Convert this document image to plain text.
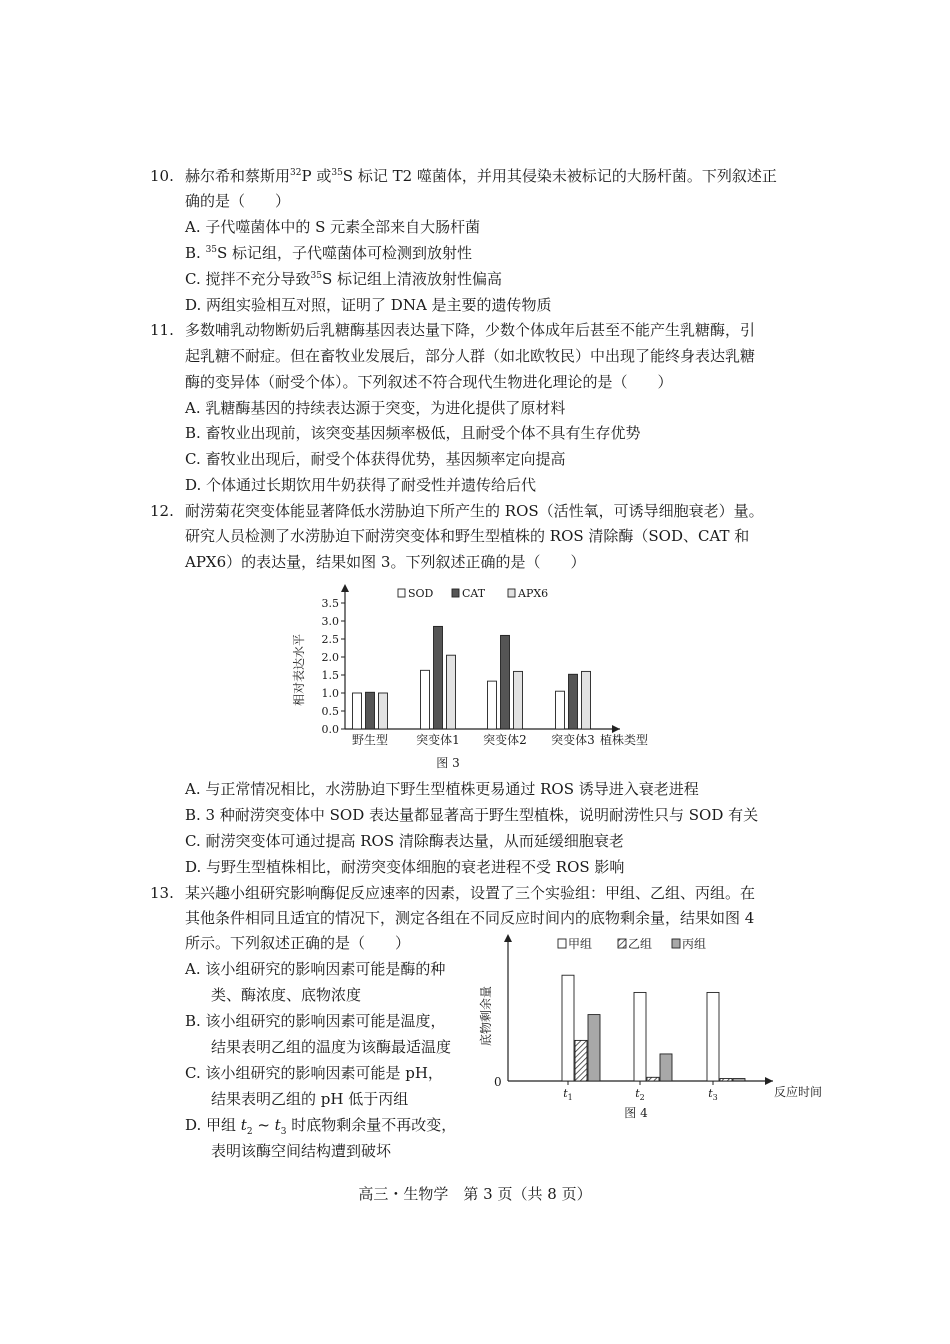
10. 赫尔希和蔡斯用$^{32}$P 或$^{35}$S 标记 T2 噬菌体，并用其侵染未被标记的大肠杆菌。下列叙述正
确的是（　　）
A. 子代噬菌体中的 S 元素全部来自大肠杆菌
B. $^{35}$S 标记组，子代噬菌体可检测到放射性
C. 搅拌不充分导致$^{35}$S 标记组上清液放射性偏高
D. 两组实验相互对照，证明了 DNA 是主要的遗传物质
11. 多数哺乳动物断奶后乳糖酶基因表达量下降，少数个体成年后甚至不能产生乳糖酶，引
起乳糖不耐症。但在畜牧业发展后，部分人群（如北欧牧民）中出现了能终身表达乳糖
酶的变异体（耐受个体）。下列叙述不符合现代生物进化理论的是（　　）
A. 乳糖酶基因的持续表达源于突变，为进化提供了原材料
B. 畜牧业出现前，该突变基因频率极低，且耐受个体不具有生存优势
C. 畜牧业出现后，耐受个体获得优势，基因频率定向提高
D. 个体通过长期饮用牛奶获得了耐受性并遗传给后代
12. 耐涝菊花突变体能显著降低水涝胁迫下所产生的 ROS（活性氧，可诱导细胞衰老）量。
研究人员检测了水涝胁迫下耐涝突变体和野生型植株的 ROS 清除酶（SOD、CAT 和
APX6）的表达量，结果如图 3。下列叙述正确的是（　　）
0.0
0.5
1.0
1.5
2.0
2.5
3.0
3.5
野生型 突变体1 突变体2 突变体3
SOD	CAT	APX6
相对表达水平
植株类型
图 3
A. 与正常情况相比，水涝胁迫下野生型植株更易通过 ROS 诱导进入衰老进程
B. 3 种耐涝突变体中 SOD 表达量都显著高于野生型植株，说明耐涝性只与 SOD 有关
C. 耐涝突变体可通过提高 ROS 清除酶表达量，从而延缓细胞衰老
D. 与野生型植株相比，耐涝突变体细胞的衰老进程不受 ROS 影响
13. 某兴趣小组研究影响酶促反应速率的因素，设置了三个实验组：甲组、乙组、丙组。在
其他条件相同且适宜的情况下，测定各组在不同反应时间内的底物剩余量，结果如图 4
所示。下列叙述正确的是（　　）
A. 该小组研究的影响因素可能是酶的种
类、酶浓度、底物浓度
B. 该小组研究的影响因素可能是温度，
结果表明乙组的温度为该酶最适温度
C. 该小组研究的影响因素可能是 pH，
结果表明乙组的 pH 低于丙组
D. 甲组 $t_2$ ~ $t_3$ 时底物剩余量不再改变，
表明该酶空间结构遭到破坏
$t_1$	$t_2$	$t_3$
甲组	乙组 丙组
底物剩余量
0
反应时间
图 4
高三・生物学　第 3 页（共 8 页）
